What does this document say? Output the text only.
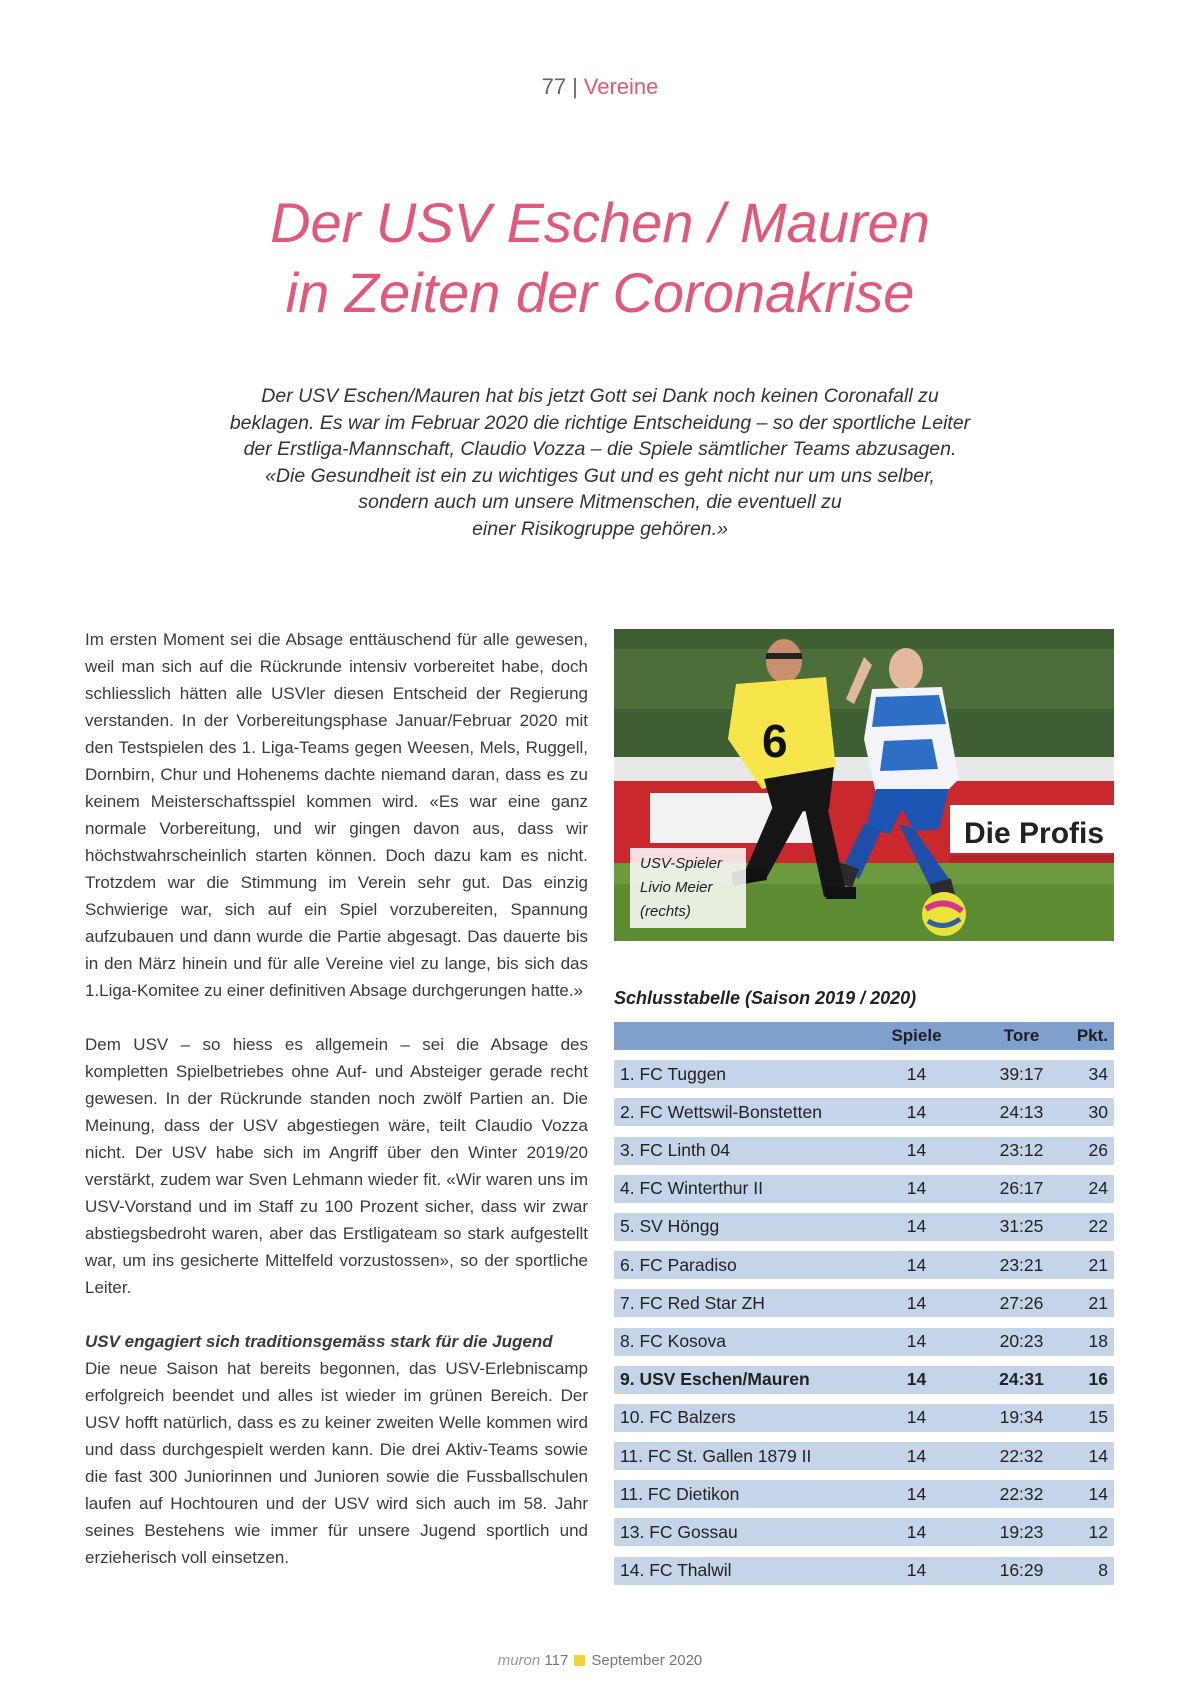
77 | Vereine
Der USV Eschen / Mauren
in Zeiten der Coronakrise

Der USV Eschen/Mauren hat bis jetzt Gott sei Dank noch keinen Coronafall zu

beklagen. Es war im Februar 2020 die richtige Entscheidung – so der sportliche Leiter

der Erstliga-Mannschaft, Claudio Vozza – die Spiele sämtlicher Teams abzusagen.

«Die Gesundheit ist ein zu wichtiges Gut und es geht nicht nur um uns selber,

sondern auch um unsere Mitmenschen, die eventuell zu

einer Risikogruppe gehören.»

Im ersten Moment sei die Absage enttäuschend für alle gewesen, weil man sich auf die Rückrunde intensiv vorbereitet habe, doch schliesslich hätten alle USVler diesen Entscheid der Regierung verstanden. In der Vorbereitungsphase Januar/Februar 2020 mit den Testspielen des 1. Liga-Teams gegen Weesen, Mels, Ruggell, Dornbirn, Chur und Hohenems dachte niemand daran, dass es zu keinem Meisterschaftsspiel kommen wird. «Es war eine ganz normale Vorbereitung, und wir gingen davon aus, dass wir höchstwahrscheinlich starten können. Doch dazu kam es nicht. Trotzdem war die Stimmung im Verein sehr gut. Das einzig Schwierige war, sich auf ein Spiel vorzubereiten, Spannung aufzubauen und dann wurde die Partie abgesagt. Das dauerte bis in den März hinein und für alle Vereine viel zu lange, bis sich das 1.Liga-Komitee zu einer definitiven Absage durchgerungen hatte.»

Dem USV – so hiess es allgemein – sei die Absage des kompletten Spielbetriebes ohne Auf- und Absteiger gerade recht gewesen. In der Rückrunde standen noch zwölf Partien an. Die Meinung, dass der USV abgestiegen wäre, teilt Claudio Vozza nicht. Der USV habe sich im Angriff über den Winter 2019/20 verstärkt, zudem war Sven Lehmann wieder fit. «Wir waren uns im USV-Vorstand und im Staff zu 100 Prozent sicher, dass wir zwar abstiegsbedroht waren, aber das Erstligateam so stark aufgestellt war, um ins gesicherte Mittelfeld vorzustossen», so der sportliche Leiter.

USV engagiert sich traditionsgemäss stark für die Jugend

Die neue Saison hat bereits begonnen, das USV-Erlebniscamp erfolgreich beendet und alles ist wieder im grünen Bereich. Der USV hofft natürlich, dass es zu keiner zweiten Welle kommen wird und dass durchgespielt werden kann. Die drei Aktiv-Teams sowie die fast 300 Juniorinnen und Junioren sowie die Fussballschulen laufen auf Hochtouren und der USV wird sich auch im 58. Jahr seines Bestehens wie immer für unsere Jugend sportlich und erzieherisch voll einsetzen.

Die Profis
6
USV-Spieler
Livio Meier
(rechts)
Schlusstabelle (Saison 2019 / 2020)
Spiele	Tore	Pkt.
1. FC Tuggen	14	39:17	34
2. FC Wettswil-Bonstetten	14	24:13	30
3. FC Linth 04	14	23:12	26
4. FC Winterthur II	14	26:17	24
5. SV Höngg	14	31:25	22
6. FC Paradiso	14	23:21	21
7. FC Red Star ZH	14	27:26	21
8. FC Kosova	14	20:23	18
9. USV Eschen/Mauren	14	24:31	16
10. FC Balzers	14	19:34	15
11. FC St. Gallen 1879 II	14	22:32	14
11. FC Dietikon	14	22:32	14
13. FC Gossau	14	19:23	12
14. FC Thalwil	14	16:29	8
muron 117 September 2020
